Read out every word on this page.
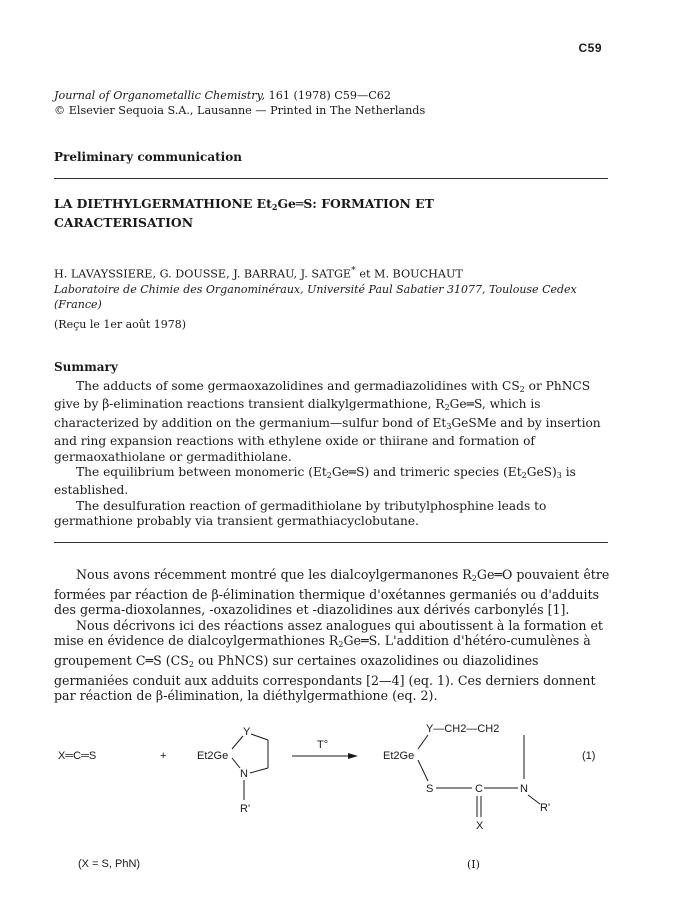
C59
Journal of Organometallic Chemistry, 161 (1978) C59—C62
© Elsevier Sequoia S.A., Lausanne — Printed in The Netherlands
Preliminary communication
LA DIETHYLGERMATHIONE $Et_2Ge═S$: FORMATION ET
CARACTERISATION
H. LAVAYSSIERE, G. DOUSSE, J. BARRAU, J. SATGE* et M. BOUCHAUT
Laboratoire de Chimie des Organominéraux, Université Paul Sabatier 31077, Toulouse Cedex (France)
(Reçu le 1er août 1978)
Summary

The adducts of some germaoxazolidines and germadiazolidines with $CS_2$ or PhNCS give by β-elimination reactions transient dialkylgermathione, $R_2Ge═S$, which is characterized by addition on the germanium—sulfur bond of $Et_3GeSMe$ and by insertion and ring expansion reactions with ethylene oxide or thiirane and formation of germaoxathiolane or germadithiolane.

The equilibrium between monomeric $(Et_2Ge═S)$ and trimeric species $(Et_2GeS)_3$ is established.

The desulfuration reaction of germadithiolane by tributylphosphine leads to germathione probably via transient germathiacyclobutane.

Nous avons récemment montré que les dialcoylgermanones $R_2Ge═O$ pouvaient être formées par réaction de β-élimination thermique d'oxétannes germaniés ou d'adduits des germa-dioxolannes, -oxazolidines et -diazolidines aux dérivés carbonylés [1].

Nous décrivons ici des réactions assez analogues qui aboutissent à la formation et mise en évidence de dialcoylgermathiones $R_2Ge═S$. L'addition d'hétéro-cumulènes à groupement C═S ($CS_2$ ou PhNCS) sur certaines oxazolidines ou diazolidines germaniées conduit aux adduits correspondants [2—4] (eq. 1). Ces derniers donnent par réaction de β-élimination, la diéthylgermathione (eq. 2).

X═C═S	+	Et2Ge
Y
N
R'
T°
Et2Ge
Y—CH2—CH2
S	C	N
X
R'
(1)
(X = S, PhN)	(I)
